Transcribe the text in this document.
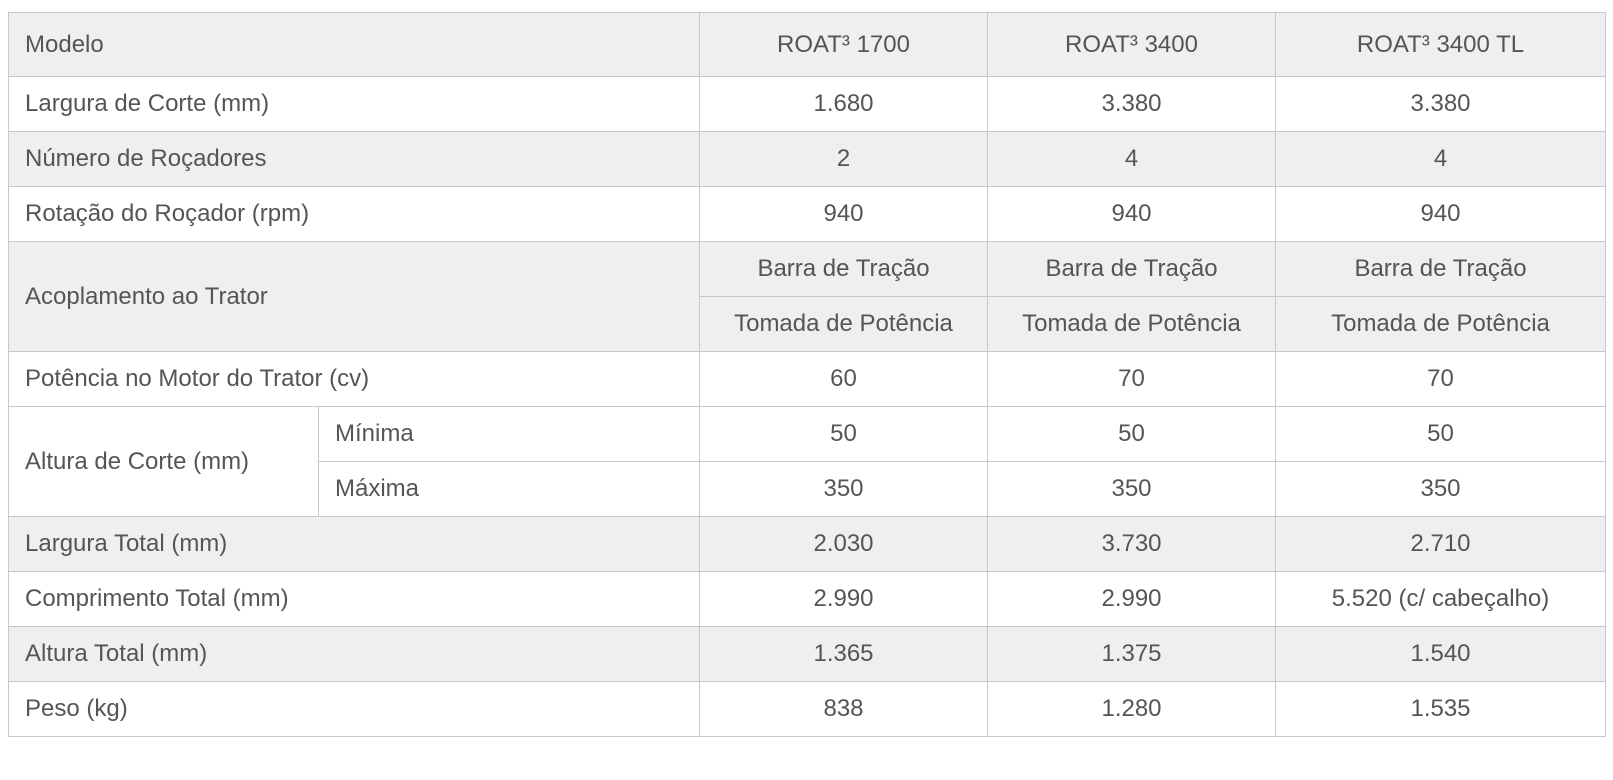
Modelo		ROAT³ 1700	ROAT³ 3400	ROAT³ 3400 TL
Largura de Corte (mm)		1.680	3.380	3.380
Número de Roçadores		2	4	4
Rotação do Roçador (rpm)		940	940	940
Acoplamento ao Trator		Barra de Tração	Barra de Tração	Barra de Tração
		Tomada de Potência	Tomada de Potência	Tomada de Potência
Potência no Motor do Trator (cv)		60	70	70
Altura de Corte (mm)	Mínima	50	50	50
	Máxima	350	350	350
Largura Total (mm)		2.030	3.730	2.710
Comprimento Total (mm)		2.990	2.990	5.520 (c/ cabeçalho)
Altura Total (mm)		1.365	1.375	1.540
Peso (kg)		838	1.280	1.535
